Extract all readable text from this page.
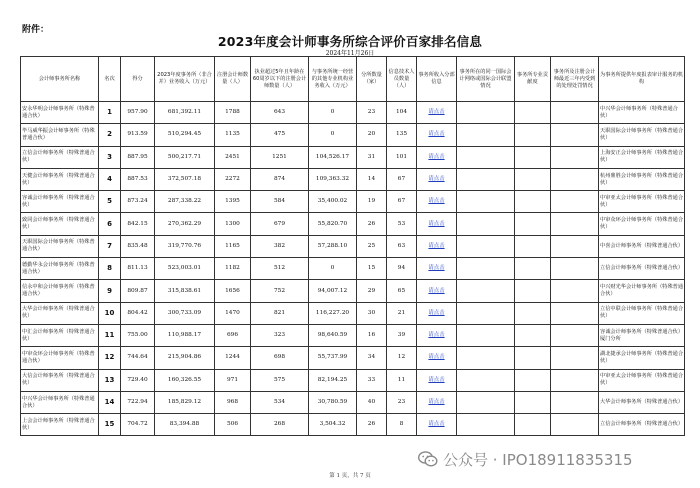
附件：
2023年度会计师事务所综合评价百家排名信息
2024年11月26日
会计师事务所名称	名次	得分	2023年度事务所（非合并）业务收入（万元）	注册会计师数量（人）	执业超过5年且年龄在60周岁以下的注册会计师数量（人）	与事务所统一经营的其他专业机构业务收入（万元）	分所数量（家）	信息技术人员数量（人）	事务所收入分部信息	事务所在的同一国际会计网络或国际会计联盟情况	事务所专业贡献度	事务所及注册会计师最近三年内受到的处理处罚情况	为事务所提供年度报表审计服务的机构
安永华明会计师事务所（特殊普通合伙）	1	957.90	681,392.11	1788	643	0	23	104	请点击				中兴华会计师事务所（特殊普通合伙）
毕马威华振会计师事务所（特殊普通合伙）	2	913.59	510,294.45	1135	475	0	20	135	请点击				天职国际会计师事务所（特殊普通合伙）
立信会计师事务所（特殊普通合伙）	3	887.95	500,217.71	2451	1251	104,526.17	31	101	请点击				上海安正会计师事务所（特殊普通合伙）
天健会计师事务所（特殊普通合伙）	4	887.53	372,507.18	2272	874	109,363.32	14	67	请点击				杭州鼎胜会计师事务所（特殊普通合伙）
容诚会计师事务所（特殊普通合伙）	5	873.24	287,338.22	1395	584	35,400.02	19	67	请点击				中审亚太会计师事务所（特殊普通合伙）
致同会计师事务所（特殊普通合伙）	6	842.15	270,362.29	1300	679	55,820.70	26	53	请点击				中审众环会计师事务所（特殊普通合伙）
天职国际会计师事务所（特殊普通合伙）	7	835.48	319,770.76	1165	382	57,288.10	25	63	请点击				中喜会计师事务所（特殊普通合伙）
德勤华永会计师事务所（特殊普通合伙）	8	811.13	523,003.01	1182	512	0	15	94	请点击				立信会计师事务所（特殊普通合伙）
信永中和会计师事务所（特殊普通合伙）	9	809.87	315,838.61	1656	752	94,007.12	29	65	请点击				中兴财光华会计师事务所（特殊普通合伙）
大华会计师事务所（特殊普通合伙）	10	804.42	300,733.09	1470	821	116,227.20	30	21	请点击				立信中联会计师事务所（特殊普通合伙）
中汇会计师事务所（特殊普通合伙）	11	755.00	110,988.17	696	323	98,640.59	16	39	请点击				容诚会计师事务所（特殊普通合伙）厦门分所
中审众环会计师事务所（特殊普通合伙）	12	744.64	215,904.86	1244	698	55,737.99	34	12	请点击				湖北捷承会计师事务所（特殊普通合伙）
大信会计师事务所（特殊普通合伙）	13	729.40	160,326.55	971	575	82,194.25	33	11	请点击				中审亚太会计师事务所（特殊普通合伙）
中兴华会计师事务所（特殊普通合伙）	14	722.94	185,829.12	968	534	30,780.59	40	23	请点击				大华会计师事务所（特殊普通合伙）
上会会计师事务所（特殊普通合伙）	15	704.72	83,394.88	506	268	3,504.32	26	8	请点击				立信会计师事务所（特殊普通合伙）
公众号 · IPO18911835315
第 1 页，共 7 页
